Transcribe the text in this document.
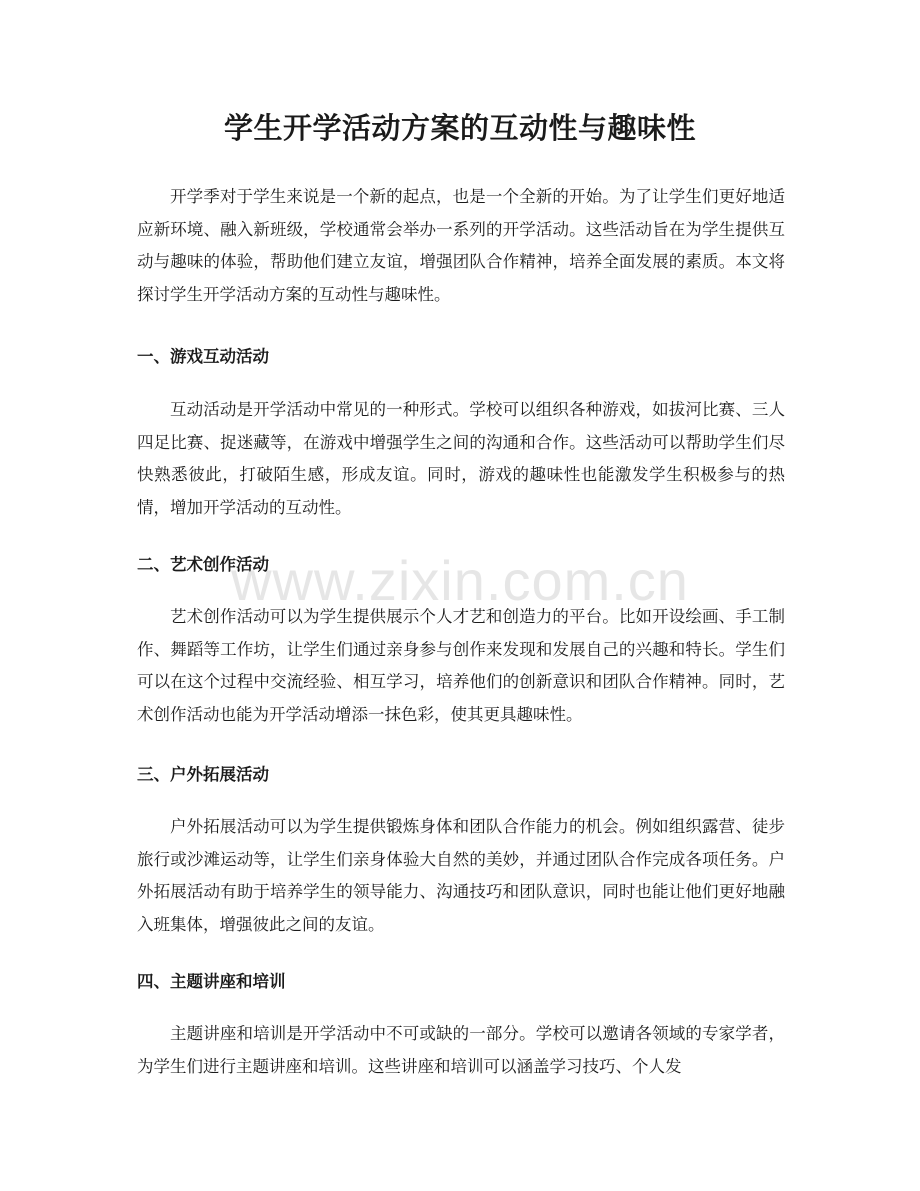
学生开学活动方案的互动性与趣味性

开学季对于学生来说是一个新的起点，也是一个全新的开始。为了让学生们更好地适应新环境、融入新班级，学校通常会举办一系列的开学活动。这些活动旨在为学生提供互动与趣味的体验，帮助他们建立友谊，增强团队合作精神，培养全面发展的素质。本文将探讨学生开学活动方案的互动性与趣味性。

一、游戏互动活动

互动活动是开学活动中常见的一种形式。学校可以组织各种游戏，如拔河比赛、三人四足比赛、捉迷藏等，在游戏中增强学生之间的沟通和合作。这些活动可以帮助学生们尽快熟悉彼此，打破陌生感，形成友谊。同时，游戏的趣味性也能激发学生积极参与的热情，增加开学活动的互动性。

二、艺术创作活动

艺术创作活动可以为学生提供展示个人才艺和创造力的平台。比如开设绘画、手工制作、舞蹈等工作坊，让学生们通过亲身参与创作来发现和发展自己的兴趣和特长。学生们可以在这个过程中交流经验、相互学习，培养他们的创新意识和团队合作精神。同时，艺术创作活动也能为开学活动增添一抹色彩，使其更具趣味性。

三、户外拓展活动

户外拓展活动可以为学生提供锻炼身体和团队合作能力的机会。例如组织露营、徒步旅行或沙滩运动等，让学生们亲身体验大自然的美妙，并通过团队合作完成各项任务。户外拓展活动有助于培养学生的领导能力、沟通技巧和团队意识，同时也能让他们更好地融入班集体，增强彼此之间的友谊。

四、主题讲座和培训

主题讲座和培训是开学活动中不可或缺的一部分。学校可以邀请各领域的专家学者，为学生们进行主题讲座和培训。这些讲座和培训可以涵盖学习技巧、个人发

www.zixin.com.cn
